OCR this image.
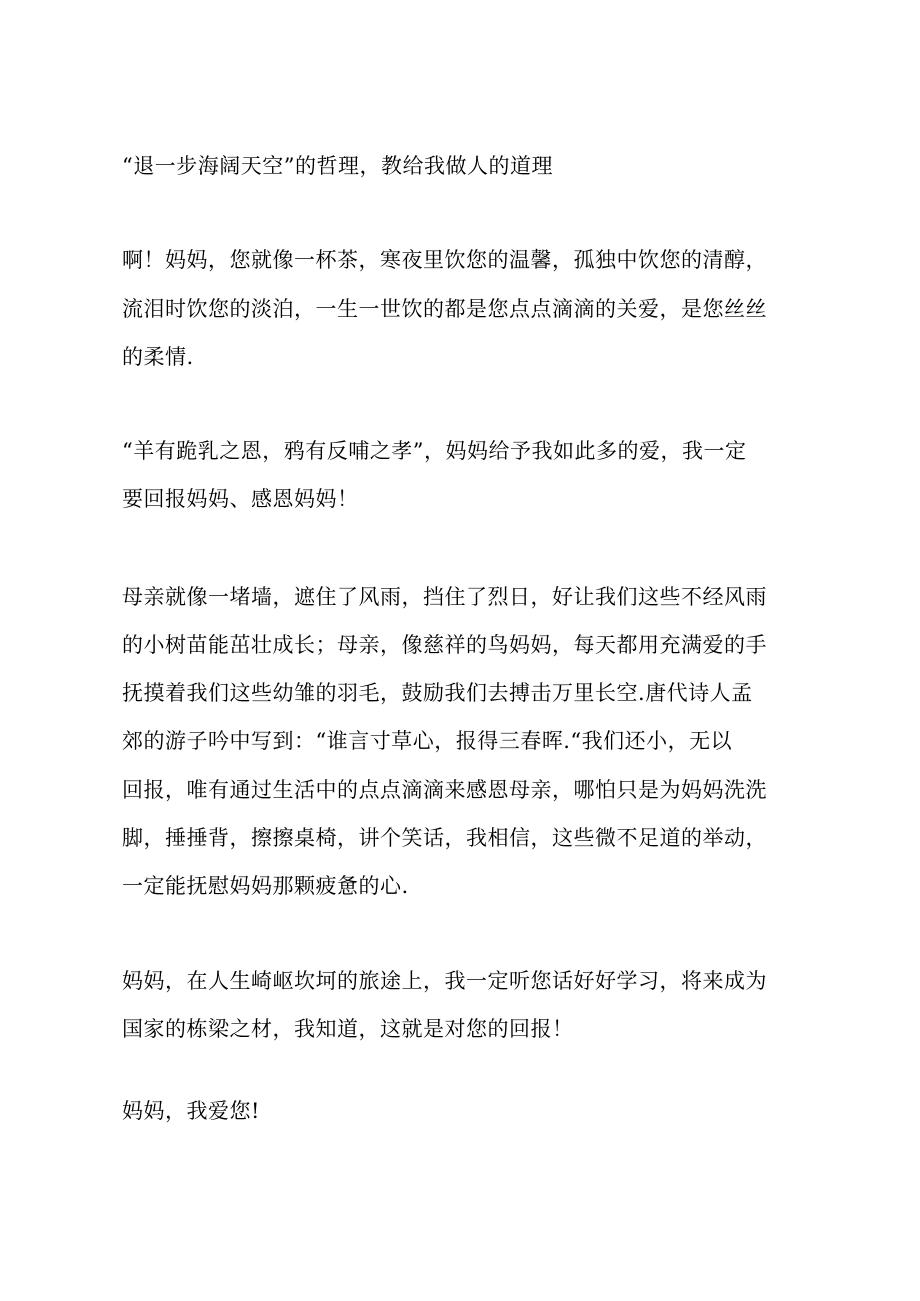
“退一步海阔天空”的哲理，教给我做人的道理
啊！妈妈，您就像一杯茶，寒夜里饮您的温馨，孤独中饮您的清醇，
流泪时饮您的淡泊，一生一世饮的都是您点点滴滴的关爱，是您丝丝
的柔情.
“羊有跪乳之恩，鸦有反哺之孝”，妈妈给予我如此多的爱，我一定
要回报妈妈、感恩妈妈！
母亲就像一堵墙，遮住了风雨，挡住了烈日，好让我们这些不经风雨
的小树苗能茁壮成长；母亲，像慈祥的鸟妈妈，每天都用充满爱的手
抚摸着我们这些幼雏的羽毛，鼓励我们去搏击万里长空.唐代诗人孟
郊的游子吟中写到：“谁言寸草心，报得三春晖.“我们还小，无以
回报，唯有通过生活中的点点滴滴来感恩母亲，哪怕只是为妈妈洗洗
脚，捶捶背，擦擦桌椅，讲个笑话，我相信，这些微不足道的举动，
一定能抚慰妈妈那颗疲惫的心.
妈妈，在人生崎岖坎坷的旅途上，我一定听您话好好学习，将来成为
国家的栋梁之材，我知道，这就是对您的回报！
妈妈，我爱您!
